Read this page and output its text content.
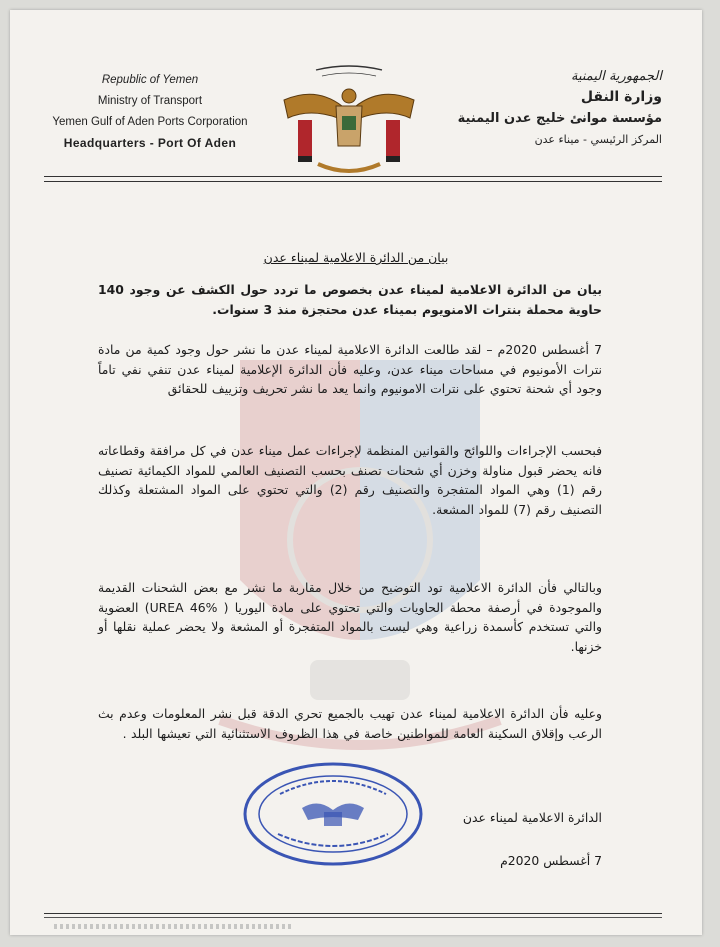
Republic of Yemen
Ministry of Transport
Yemen Gulf of Aden Ports Corporation
Headquarters - Port Of Aden
الجمهورية اليمنية
وزارة النقل
مؤسسة موانئ خليج عدن اليمنية
المركز الرئيسي - ميناء عدن
بيان من الدائرة الاعلامية لميناء عدن
بيان من الدائرة الاعلامية لميناء عدن بخصوص ما تردد حول الكشف عن وجود 140 حاوية محملة بنترات الامنويوم بميناء عدن محتجزة منذ 3 سنوات.
7 أغسطس 2020م – لقد طالعت الدائرة الاعلامية لميناء عدن ما نشر حول وجود كمية من مادة نترات الأمونيوم في مساحات ميناء عدن، وعليه فأن الدائرة الإعلامية لميناء عدن تنفي نفي تاماً وجود أي شحنة تحتوي على نترات الامونيوم وانما يعد ما نشر تحريف وتزييف للحقائق
فبحسب الإجراءات واللوائح والقوانين المنظمة لإجراءات عمل ميناء عدن في كل مرافقة وقطاعاته فانه يحضر قبول مناولة وخزن أي شحنات تصنف بحسب التصنيف العالمي للمواد الكيمائية تصنيف رقم (1) وهي المواد المتفجرة والتصنيف رقم (2) والتي تحتوي على المواد المشتعلة وكذلك التصنيف رقم (7) للمواد المشعة.
وبالتالي فأن الدائرة الاعلامية تود التوضيح من خلال مقاربة ما نشر مع بعض الشحنات القديمة والموجودة في أرصفة محطة الحاويات والتي تحتوي على مادة اليوريا ( UREA 46%) العضوية والتي تستخدم كأسمدة زراعية وهي ليست بالمواد المتفجرة أو المشعة ولا يحضر عملية نقلها أو خزنها.
وعليه فأن الدائرة الاعلامية لميناء عدن تهيب بالجميع تحري الدقة قبل نشر المعلومات وعدم بث الرعب وإقلاق السكينة العامة للمواطنين خاصة في هذا الظروف الاستثنائية التي تعيشها البلد .
الدائرة الاعلامية لميناء عدن
7 أغسطس 2020م
